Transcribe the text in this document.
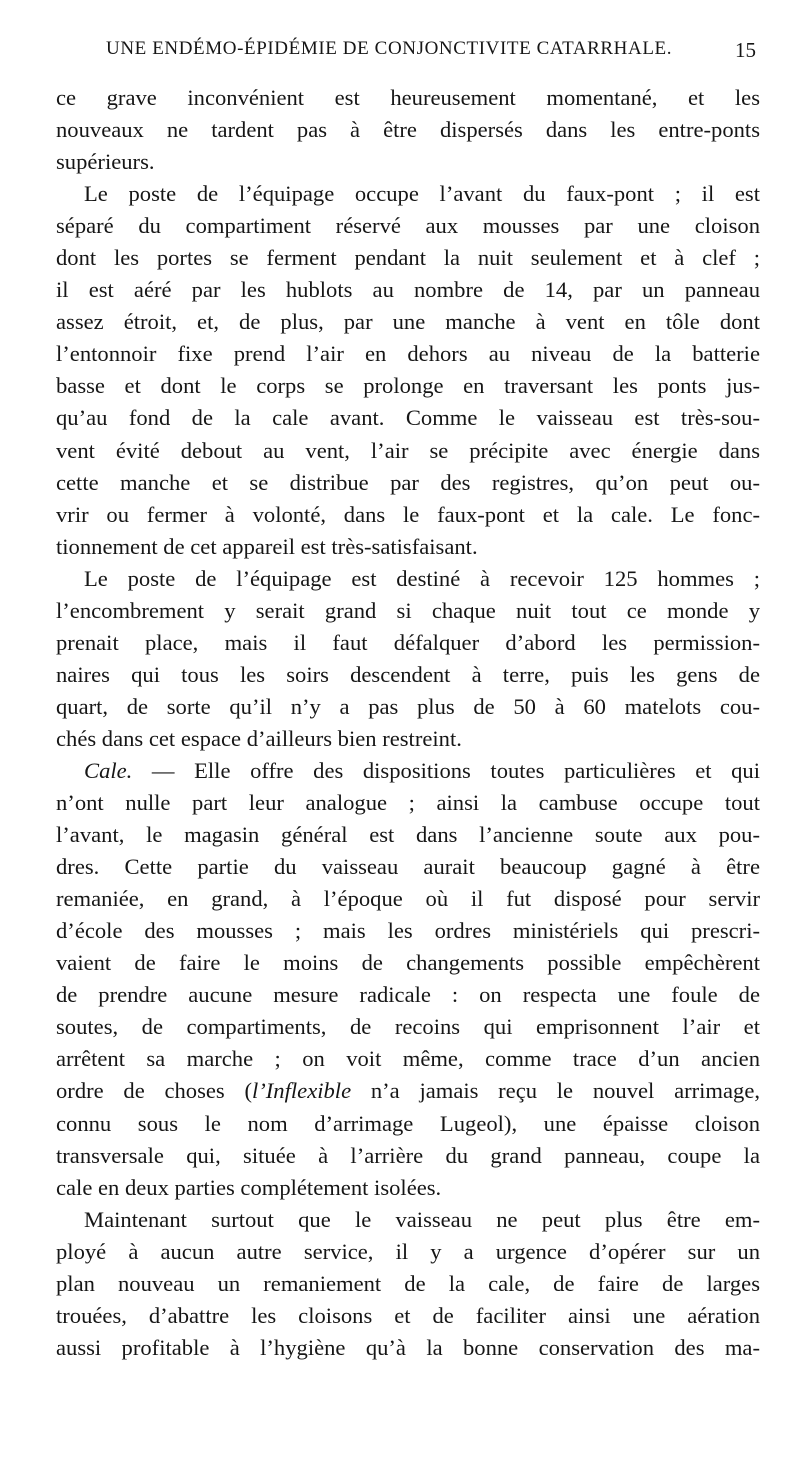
UNE ENDÉMO-ÉPIDÉMIE DE CONJONCTIVITE CATARRHALE.	15
ce grave inconvénient est heureusement momentané, et les
nouveaux ne tardent pas à être dispersés dans les entre-ponts
supérieurs.
Le poste de l’équipage occupe l’avant du faux-pont ; il est
séparé du compartiment réservé aux mousses par une cloison
dont les portes se ferment pendant la nuit seulement et à clef ;
il est aéré par les hublots au nombre de 14, par un panneau
assez étroit, et, de plus, par une manche à vent en tôle dont
l’entonnoir fixe prend l’air en dehors au niveau de la batterie
basse et dont le corps se prolonge en traversant les ponts jus-
qu’au fond de la cale avant. Comme le vaisseau est très-sou-
vent évité debout au vent, l’air se précipite avec énergie dans
cette manche et se distribue par des registres, qu’on peut ou-
vrir ou fermer à volonté, dans le faux-pont et la cale. Le fonc-
tionnement de cet appareil est très-satisfaisant.
Le poste de l’équipage est destiné à recevoir 125 hommes ;
l’encombrement y serait grand si chaque nuit tout ce monde y
prenait place, mais il faut défalquer d’abord les permission-
naires qui tous les soirs descendent à terre, puis les gens de
quart, de sorte qu’il n’y a pas plus de 50 à 60 matelots cou-
chés dans cet espace d’ailleurs bien restreint.
Cale. — Elle offre des dispositions toutes particulières et qui
n’ont nulle part leur analogue ; ainsi la cambuse occupe tout
l’avant, le magasin général est dans l’ancienne soute aux pou-
dres. Cette partie du vaisseau aurait beaucoup gagné à être
remaniée, en grand, à l’époque où il fut disposé pour servir
d’école des mousses ; mais les ordres ministériels qui prescri-
vaient de faire le moins de changements possible empêchèrent
de prendre aucune mesure radicale : on respecta une foule de
soutes, de compartiments, de recoins qui emprisonnent l’air et
arrêtent sa marche ; on voit même, comme trace d’un ancien
ordre de choses (l’Inflexible n’a jamais reçu le nouvel arrimage,
connu sous le nom d’arrimage Lugeol), une épaisse cloison
transversale qui, située à l’arrière du grand panneau, coupe la
cale en deux parties complétement isolées.
Maintenant surtout que le vaisseau ne peut plus être em-
ployé à aucun autre service, il y a urgence d’opérer sur un
plan nouveau un remaniement de la cale, de faire de larges
trouées, d’abattre les cloisons et de faciliter ainsi une aération
aussi profitable à l’hygiène qu’à la bonne conservation des ma-
